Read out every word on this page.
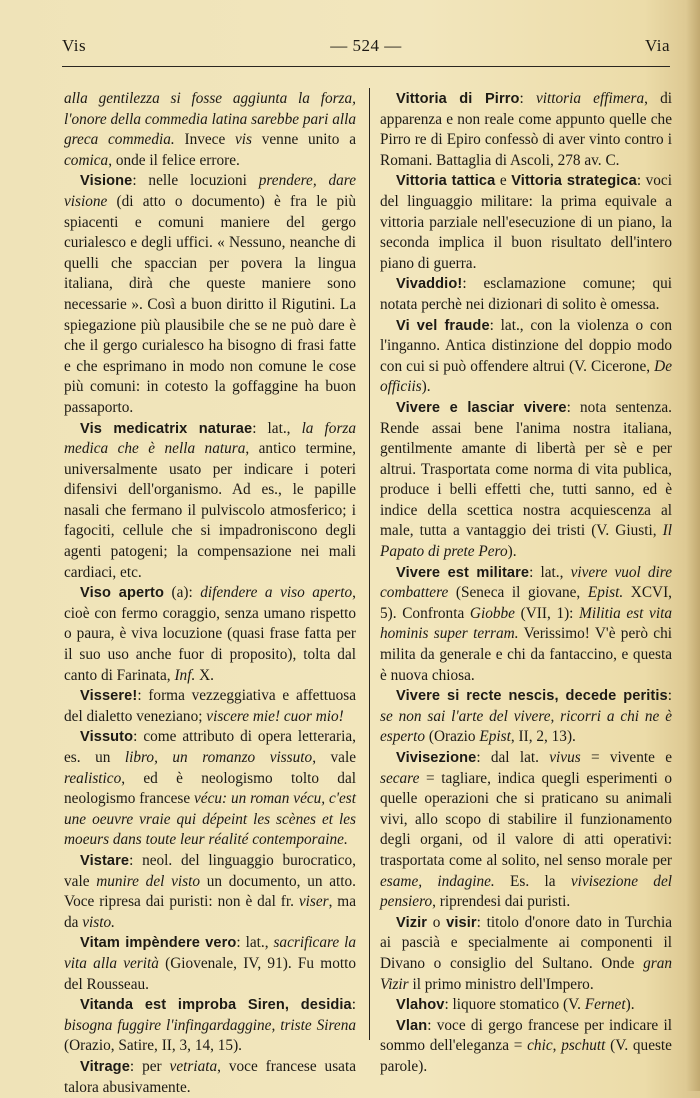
Vis	— 524 —	Via

alla gentilezza si fosse aggiunta la forza, l'onore della commedia latina sarebbe pari alla greca commedia. Invece vis venne unito a comica, onde il felice errore.

Visione: nelle locuzioni prendere, dare visione (di atto o documento) è fra le più spiacenti e comuni maniere del gergo curialesco e degli uffici. « Nessuno, neanche di quelli che spaccian per povera la lingua italiana, dirà che queste maniere sono necessarie ». Così a buon diritto il Rigutini. La spiegazione più plausibile che se ne può dare è che il gergo curialesco ha bisogno di frasi fatte e che esprimano in modo non comune le cose più comuni: in cotesto la goffaggine ha buon passaporto.

Vis medicatrix naturae: lat., la forza medica che è nella natura, antico termine, universalmente usato per indicare i poteri difensivi dell'organismo. Ad es., le papille nasali che fermano il pulviscolo atmosferico; i fagociti, cellule che si impadroniscono degli agenti patogeni; la compensazione nei mali cardiaci, etc.

Viso aperto (a): difendere a viso aperto, cioè con fermo coraggio, senza umano rispetto o paura, è viva locuzione (quasi frase fatta per il suo uso anche fuor di proposito), tolta dal canto di Farinata, Inf. X.

Vissere!: forma vezzeggiativa e affettuosa del dialetto veneziano; viscere mie! cuor mio!

Vissuto: come attributo di opera letteraria, es. un libro, un romanzo vissuto, vale realistico, ed è neologismo tolto dal neologismo francese vécu: un roman vécu, c'est une oeuvre vraie qui dépeint les scènes et les moeurs dans toute leur réalité contemporaine.

Vistare: neol. del linguaggio burocratico, vale munire del visto un documento, un atto. Voce ripresa dai puristi: non è dal fr. viser, ma da visto.

Vitam impèndere vero: lat., sacrificare la vita alla verità (Giovenale, IV, 91). Fu motto del Rousseau.

Vitanda est improba Siren, desidia: bisogna fuggire l'infingardaggine, triste Sirena (Orazio, Satire, II, 3, 14, 15).

Vitrage: per vetriata, voce francese usata talora abusivamente.

Vittoria di Pirro: vittoria effimera, di apparenza e non reale come appunto quelle che Pirro re di Epiro confessò di aver vinto contro i Romani. Battaglia di Ascoli, 278 av. C.

Vittoria tattica e Vittoria strategica: voci del linguaggio militare: la prima equivale a vittoria parziale nell'esecuzione di un piano, la seconda implica il buon risultato dell'intero piano di guerra.

Vivaddio!: esclamazione comune; qui notata perchè nei dizionari di solito è omessa.

Vi vel fraude: lat., con la violenza o con l'inganno. Antica distinzione del doppio modo con cui si può offendere altrui (V. Cicerone, De officiis).

Vivere e lasciar vivere: nota sentenza. Rende assai bene l'anima nostra italiana, gentilmente amante di libertà per sè e per altrui. Trasportata come norma di vita publica, produce i belli effetti che, tutti sanno, ed è indice della scettica nostra acquiescenza al male, tutta a vantaggio dei tristi (V. Giusti, Il Papato di prete Pero).

Vivere est militare: lat., vivere vuol dire combattere (Seneca il giovane, Epist. XCVI, 5). Confronta Giobbe (VII, 1): Militia est vita hominis super terram. Verissimo! V'è però chi milita da generale e chi da fantaccino, e questa è nuova chiosa.

Vivere si recte nescis, decede peritis: se non sai l'arte del vivere, ricorri a chi ne è esperto (Orazio Epist, II, 2, 13).

Vivisezione: dal lat. vivus = vivente e secare = tagliare, indica quegli esperimenti o quelle operazioni che si praticano su animali vivi, allo scopo di stabilire il funzionamento degli organi, od il valore di atti operativi: trasportata come al solito, nel senso morale per esame, indagine. Es. la vivisezione del pensiero, riprendesi dai puristi.

Vizir o visir: titolo d'onore dato in Turchia ai pascià e specialmente ai componenti il Divano o consiglio del Sultano. Onde gran Vizir il primo ministro dell'Impero.

Vlahov: liquore stomatico (V. Fernet).

Vlan: voce di gergo francese per indicare il sommo dell'eleganza = chic, pschutt (V. queste parole).
